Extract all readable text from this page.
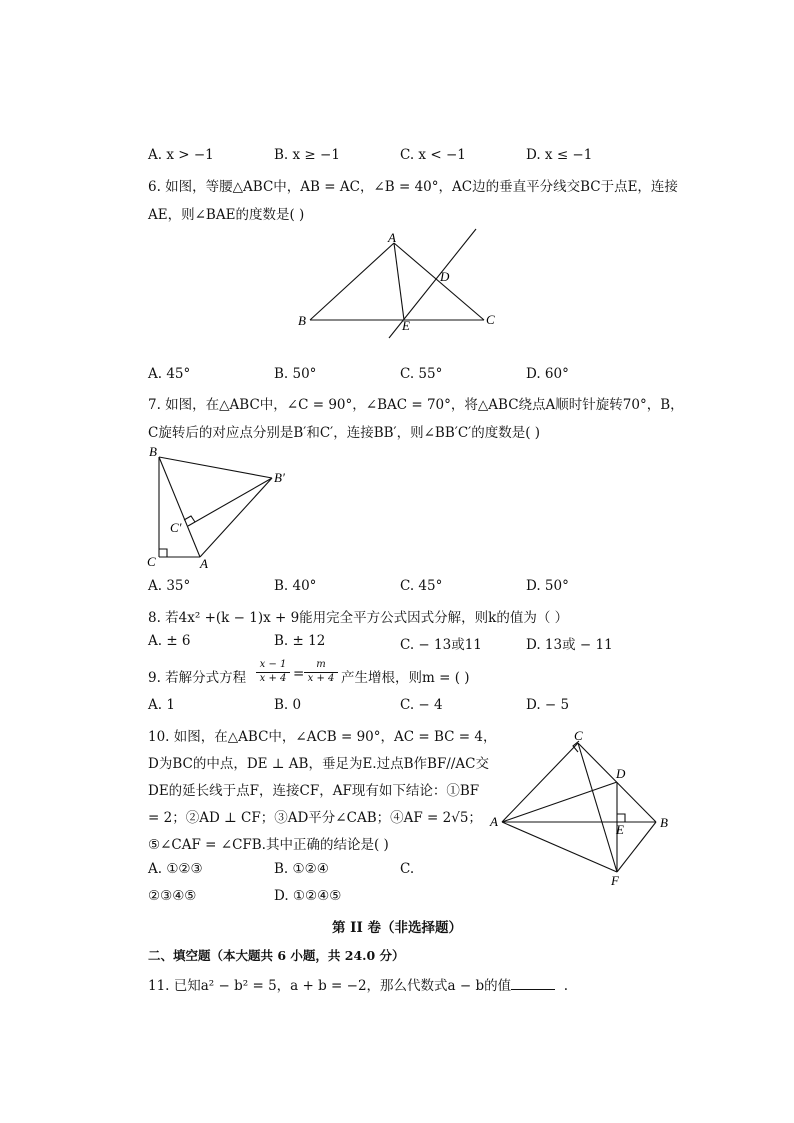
A. x > −1	B. x ≥ −1	C. x < −1	D. x ≤ −1
6. 如图，等腰△ABC中，AB = AC，∠B = 40°，AC边的垂直平分线交BC于点E，连接
AE，则∠BAE的度数是( )
A
B	C
D
E
A. 45°	B. 50°	C. 55°	D. 60°
7. 如图，在△ABC中，∠C = 90°，∠BAC = 70°，将△ABC绕点A顺时针旋转70°，B，
C旋转后的对应点分别是B′和C′，连接BB′，则∠BB′C′的度数是( )
B
B′
C′
C	A
A. 35°	B. 40°	C. 45°	D. 50°
8. 若4x² +(k − 1)x + 9能用完全平方公式因式分解，则k的值为（ ）
A. ± 6	B. ± 12	C. − 13或11	D. 13或 − 11
9. 若解分式方程
x − 1
x + 4 =
m
x + 4 产生增根，则m = ( )
A. 1	B. 0	C. − 4	D. − 5
10. 如图，在△ABC中，∠ACB = 90°，AC = BC = 4，
D为BC的中点，DE ⊥ AB，垂足为E.过点B作BF//AC交
DE的延长线于点F，连接CF，AF现有如下结论：①BF
= 2；②AD ⊥ CF；③AD平分∠CAB；④AF = 2√5；
⑤∠CAF = ∠CFB.其中正确的结论是( )
A. ①②③	B. ①②④	C.
②③④⑤	D. ①②④⑤
C
D
A
E	B
F
第 II 卷（非选择题）
二、填空题（本大题共 6 小题，共 24.0 分）
11. 已知a² − b² = 5，a + b = −2，那么代数式a − b的值	.
